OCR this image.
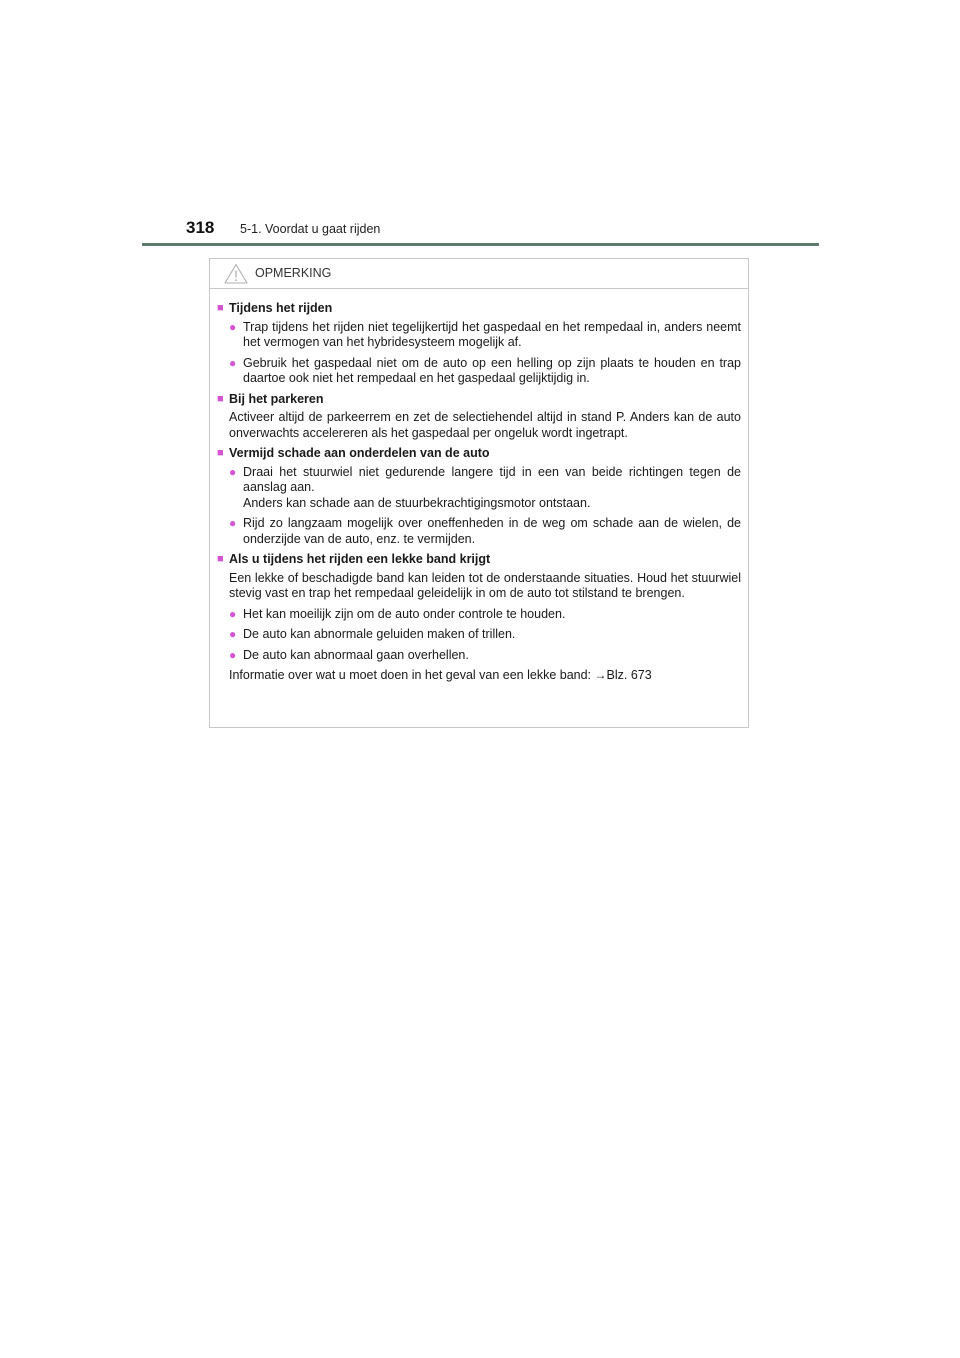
318 5-1. Voordat u gaat rijden
OPMERKING
■ Tijdens het rijden
● Trap tijdens het rijden niet tegelijkertijd het gaspedaal en het rempedaal in, anders neemt het vermogen van het hybridesysteem mogelijk af.
● Gebruik het gaspedaal niet om de auto op een helling op zijn plaats te houden en trap daartoe ook niet het rempedaal en het gaspedaal gelijktijdig in.
■ Bij het parkeren
Activeer altijd de parkeerrem en zet de selectiehendel altijd in stand P. Anders kan de auto onverwachts accelereren als het gaspedaal per ongeluk wordt ingetrapt.
■ Vermijd schade aan onderdelen van de auto
● Draai het stuurwiel niet gedurende langere tijd in een van beide richtingen tegen de aanslag aan.
Anders kan schade aan de stuurbekrachtigingsmotor ontstaan.
● Rijd zo langzaam mogelijk over oneffenheden in de weg om schade aan de wielen, de onderzijde van de auto, enz. te vermijden.
■ Als u tijdens het rijden een lekke band krijgt
Een lekke of beschadigde band kan leiden tot de onderstaande situaties. Houd het stuurwiel stevig vast en trap het rempedaal geleidelijk in om de auto tot stilstand te brengen.
● Het kan moeilijk zijn om de auto onder controle te houden.
● De auto kan abnormale geluiden maken of trillen.
● De auto kan abnormaal gaan overhellen.
Informatie over wat u moet doen in het geval van een lekke band: →Blz. 673
